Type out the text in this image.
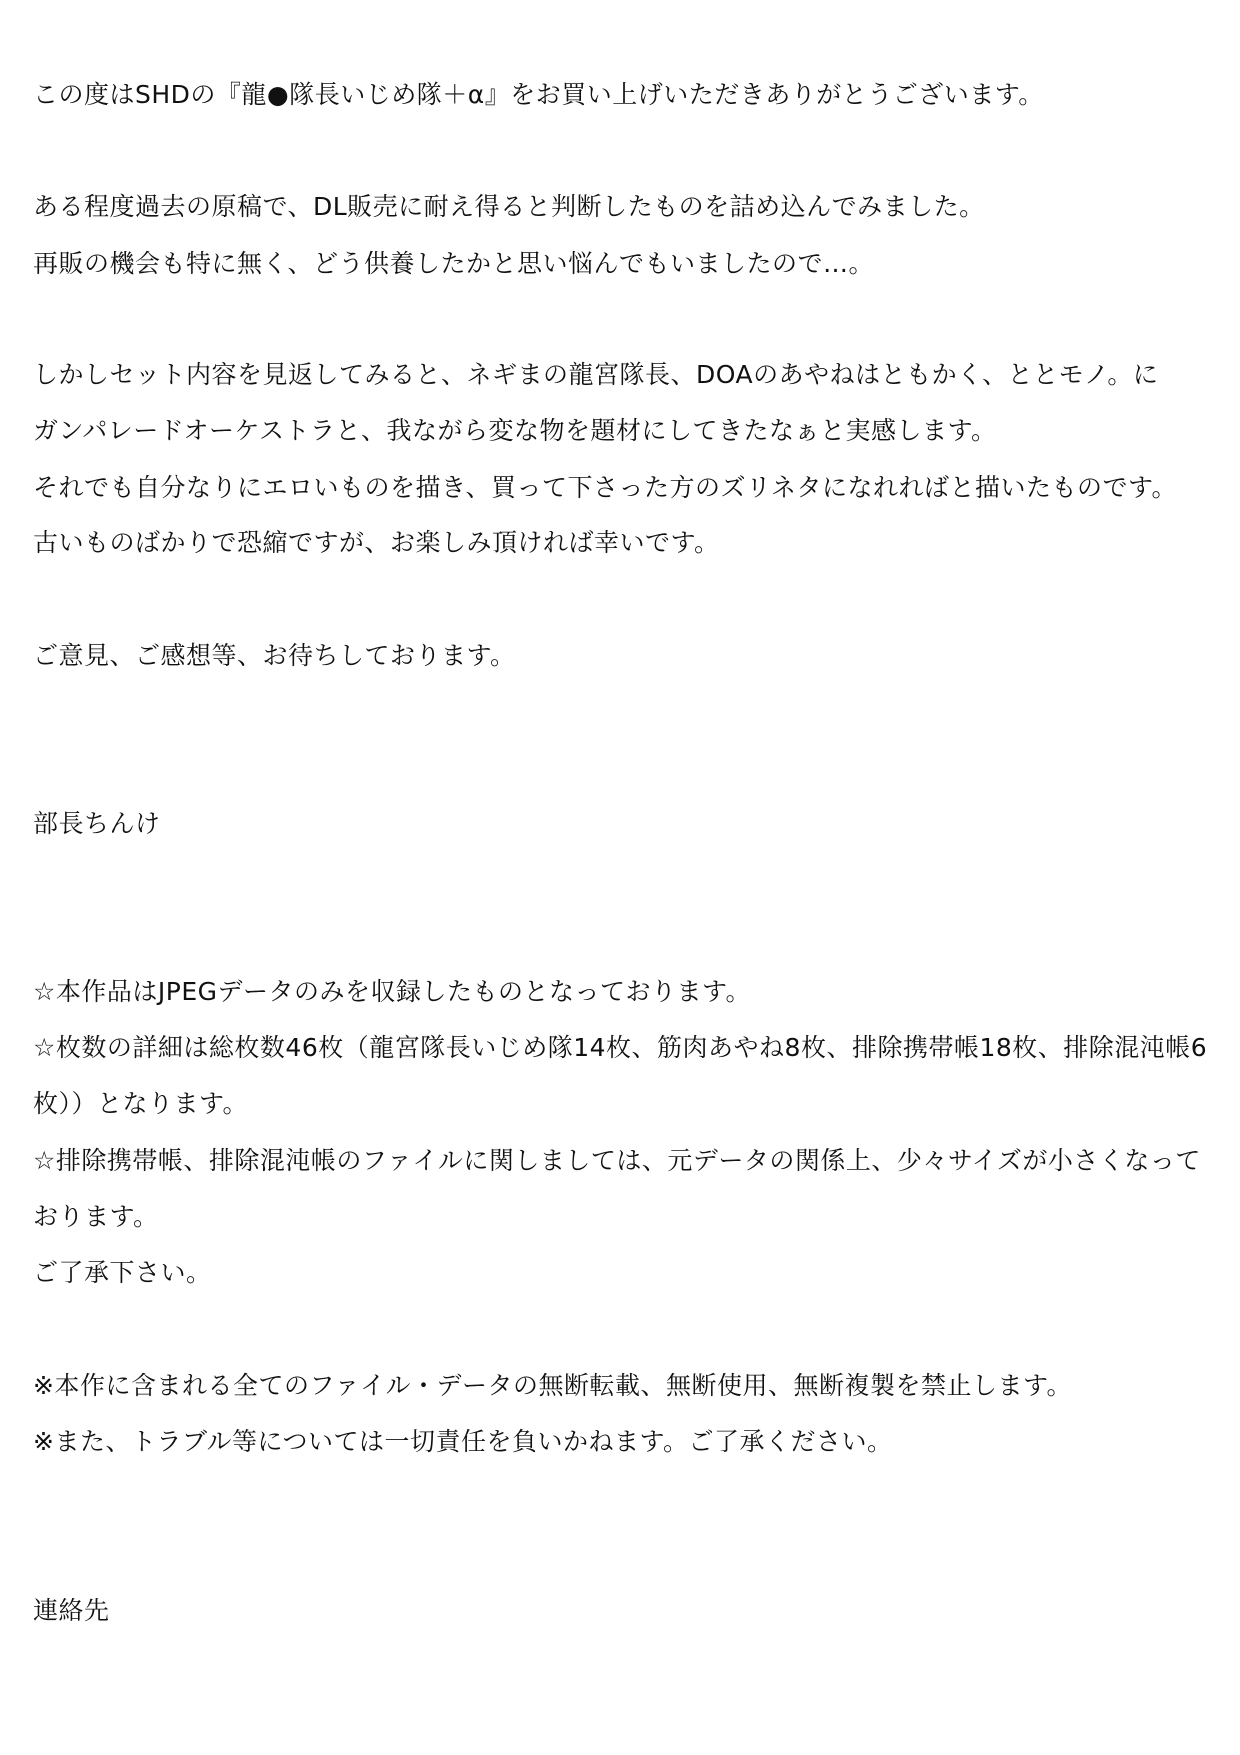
この度はSHDの『龍●隊長いじめ隊＋α』をお買い上げいただきありがとうございます。
ある程度過去の原稿で、DL販売に耐え得ると判断したものを詰め込んでみました。
再販の機会も特に無く、どう供養したかと思い悩んでもいましたので…。
しかしセット内容を見返してみると、ネギまの龍宮隊長、DOAのあやねはともかく、ととモノ。に
ガンパレードオーケストラと、我ながら変な物を題材にしてきたなぁと実感します。
それでも自分なりにエロいものを描き、買って下さった方のズリネタになれればと描いたものです。
古いものばかりで恐縮ですが、お楽しみ頂ければ幸いです。
ご意見、ご感想等、お待ちしております。
部長ちんけ
☆本作品はJPEGデータのみを収録したものとなっております。
☆枚数の詳細は総枚数46枚（龍宮隊長いじめ隊14枚、筋肉あやね8枚、排除携帯帳18枚、排除混沌帳6
枚））となります。
☆排除携帯帳、排除混沌帳のファイルに関しましては、元データの関係上、少々サイズが小さくなって
おります。
ご了承下さい。
※本作に含まれる全てのファイル・データの無断転載、無断使用、無断複製を禁止します。
※また、トラブル等については一切責任を負いかねます。ご了承ください。
連絡先
